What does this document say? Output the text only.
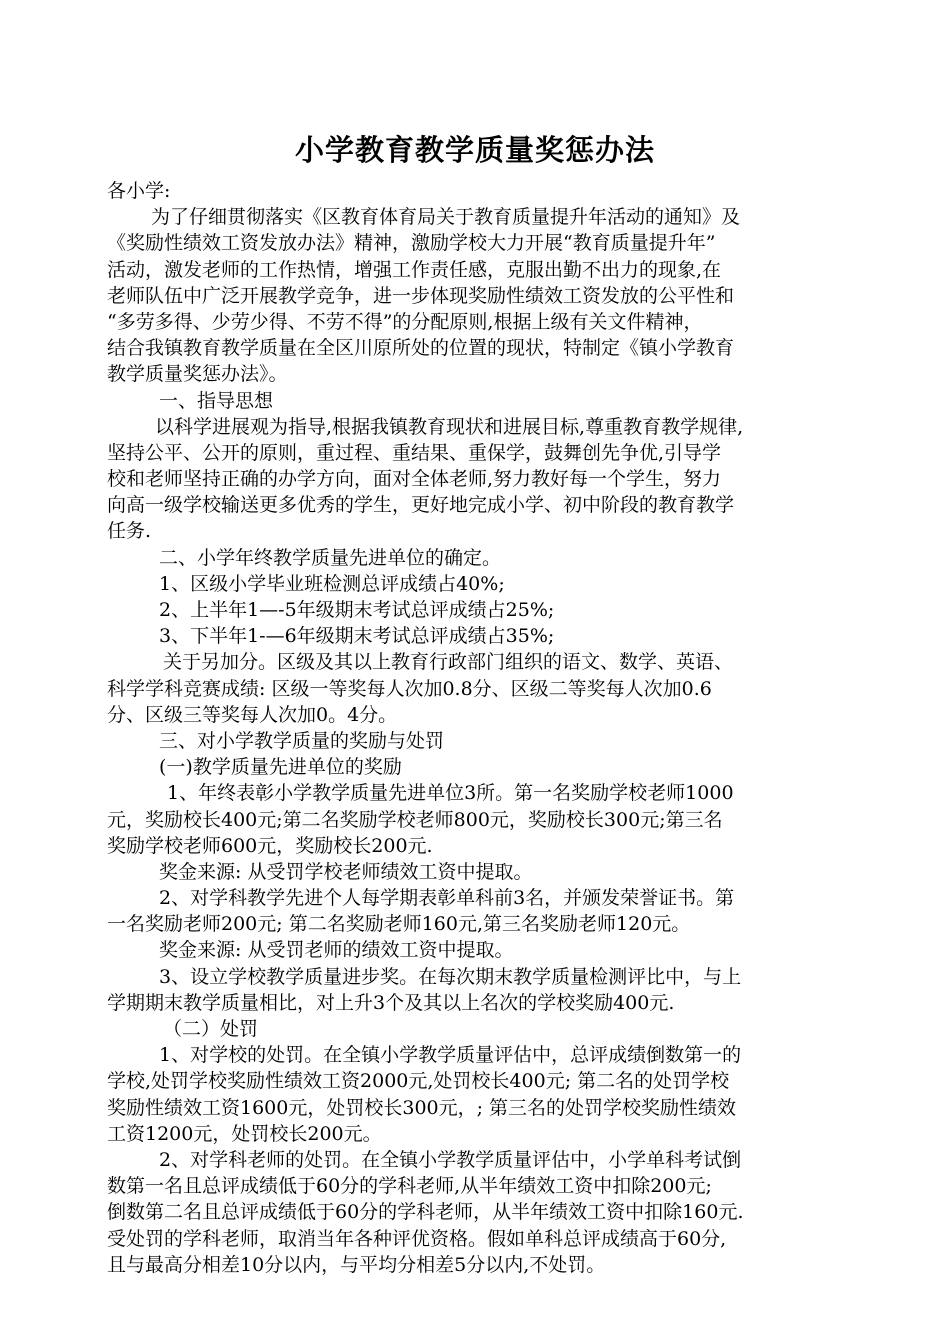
小学教育教学质量奖惩办法
各小学:
为了仔细贯彻落实《区教育体育局关于教育质量提升年活动的通知》及
《奖励性绩效工资发放办法》精神，激励学校大力开展“教育质量提升年”
活动，激发老师的工作热情，增强工作责任感，克服出勤不出力的现象,在
老师队伍中广泛开展教学竞争，进一步体现奖励性绩效工资发放的公平性和
“多劳多得、少劳少得、不劳不得”的分配原则,根据上级有关文件精神，
结合我镇教育教学质量在全区川原所处的位置的现状，特制定《镇小学教育
教学质量奖惩办法》。
一、指导思想
以科学进展观为指导,根据我镇教育现状和进展目标,尊重教育教学规律,
坚持公平、公开的原则，重过程、重结果、重保学，鼓舞创先争优,引导学
校和老师坚持正确的办学方向，面对全体老师,努力教好每一个学生，努力
向高一级学校输送更多优秀的学生，更好地完成小学、初中阶段的教育教学
任务.
二、小学年终教学质量先进单位的确定。
1、区级小学毕业班检测总评成绩占40%;
2、上半年1—-5年级期末考试总评成绩占25%;
3、下半年1-—6年级期末考试总评成绩占35%;
关于另加分。区级及其以上教育行政部门组织的语文、数学、英语、
科学学科竞赛成绩: 区级一等奖每人次加0.8分、区级二等奖每人次加0.6
分、区级三等奖每人次加0。4分。
三、对小学教学质量的奖励与处罚
(一)教学质量先进单位的奖励
1、年终表彰小学教学质量先进单位3所。第一名奖励学校老师1000
元，奖励校长400元;第二名奖励学校老师800元，奖励校长300元;第三名
奖励学校老师600元，奖励校长200元.
奖金来源: 从受罚学校老师绩效工资中提取。
2、对学科教学先进个人每学期表彰单科前3名，并颁发荣誉证书。第
一名奖励老师200元; 第二名奖励老师160元,第三名奖励老师120元。
奖金来源: 从受罚老师的绩效工资中提取。
3、设立学校教学质量进步奖。在每次期末教学质量检测评比中，与上
学期期末教学质量相比，对上升3个及其以上名次的学校奖励400元.
（二）处罚
1、对学校的处罚。在全镇小学教学质量评估中，总评成绩倒数第一的
学校,处罚学校奖励性绩效工资2000元,处罚校长400元; 第二名的处罚学校
奖励性绩效工资1600元，处罚校长300元，; 第三名的处罚学校奖励性绩效
工资1200元，处罚校长200元。
2、对学科老师的处罚。在全镇小学教学质量评估中，小学单科考试倒
数第一名且总评成绩低于60分的学科老师,从半年绩效工资中扣除200元;
倒数第二名且总评成绩低于60分的学科老师，从半年绩效工资中扣除160元.
受处罚的学科老师，取消当年各种评优资格。假如单科总评成绩高于60分,
且与最高分相差10分以内，与平均分相差5分以内,不处罚。
